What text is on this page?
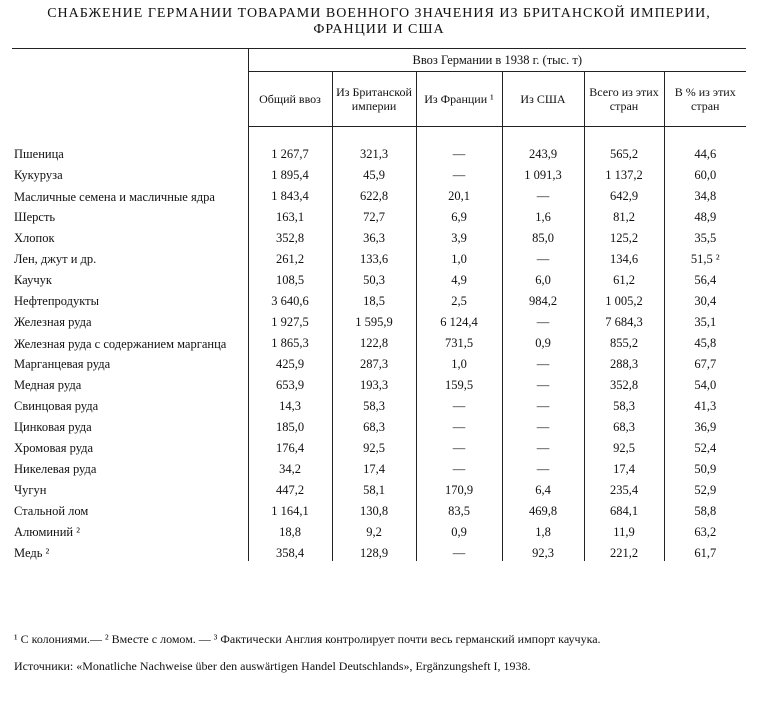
СНАБЖЕНИЕ ГЕРМАНИИ ТОВАРАМИ ВОЕННОГО ЗНАЧЕНИЯ ИЗ БРИТАНСКОЙ ИМПЕРИИ,
ФРАНЦИИ И США
	Ввоз Германии в 1938 г. (тыс. т)					
	Общий ввоз	Из Британской империи	Из Франции ¹	Из США	Всего из этих стран	В % из этих стран
Пшеница	1 267,7	321,3	—	243,9	565,2	44,6
Кукуруза	1 895,4	45,9	—	1 091,3	1 137,2	60,0
Масличные семена и масличные ядра	1 843,4	622,8	20,1	—	642,9	34,8
Шерсть	163,1	72,7	6,9	1,6	81,2	48,9
Хлопок	352,8	36,3	3,9	85,0	125,2	35,5
Лен, джут и др.	261,2	133,6	1,0	—	134,6	51,5 ²
Каучук	108,5	50,3	4,9	6,0	61,2	56,4
Нефтепродукты	3 640,6	18,5	2,5	984,2	1 005,2	30,4
Железная руда	1 927,5	1 595,9	6 124,4	—	7 684,3	35,1
Железная руда с содержанием марганца	1 865,3	122,8	731,5	0,9	855,2	45,8
Марганцевая руда	425,9	287,3	1,0	—	288,3	67,7
Медная руда	653,9	193,3	159,5	—	352,8	54,0
Свинцовая руда	14,3	58,3	—	—	58,3	41,3
Цинковая руда	185,0	68,3	—	—	68,3	36,9
Хромовая руда	176,4	92,5	—	—	92,5	52,4
Никелевая руда	34,2	17,4	—	—	17,4	50,9
Чугун	447,2	58,1	170,9	6,4	235,4	52,9
Стальной лом	1 164,1	130,8	83,5	469,8	684,1	58,8
Алюминий ²	18,8	9,2	0,9	1,8	11,9	63,2
Медь ²	358,4	128,9	—	92,3	221,2	61,7

¹ С колониями.— ² Вместе с ломом. — ³ Фактически Англия контролирует почти весь германский импорт каучука.

Источники: «Monatliche Nachweise über den auswärtigen Handel Deutschlands», Ergänzungsheft I, 1938.
